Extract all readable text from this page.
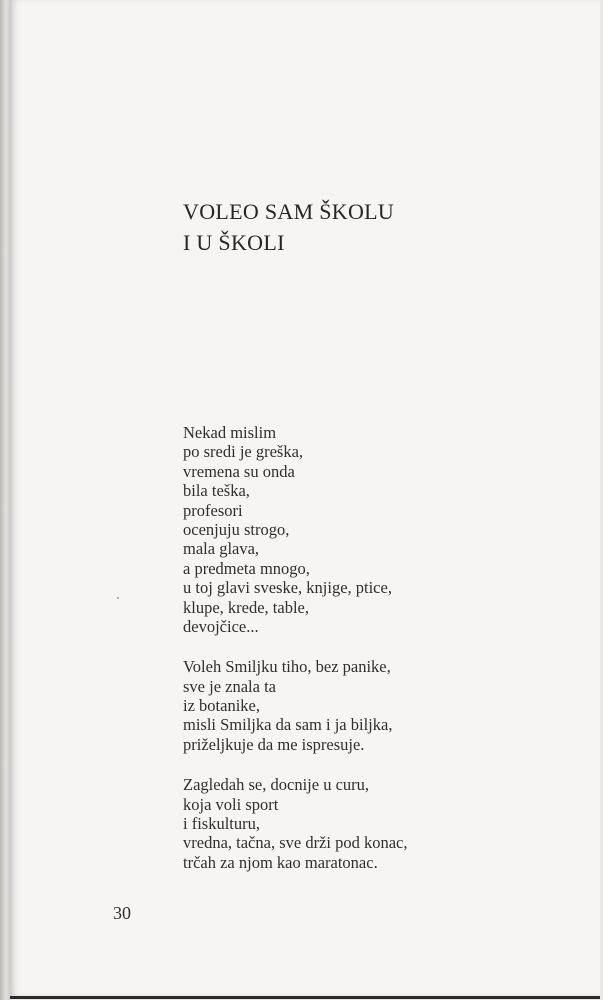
VOLEO SAM ŠKOLU
I U ŠKOLI
Nekad mislim
po sredi je greška,
vremena su onda
bila teška,
profesori
ocenjuju strogo,
mala glava,
a predmeta mnogo,
u toj glavi sveske, knjige, ptice,
klupe, krede, table,
devojčice...
Voleh Smiljku tiho, bez panike,
sve je znala ta
iz botanike,
misli Smiljka da sam i ja biljka,
priželjkuje da me ispresuje.
Zagledah se, docnije u curu,
koja voli sport
i fiskulturu,
vredna, tačna, sve drži pod konac,
trčah za njom kao maratonac.
30
